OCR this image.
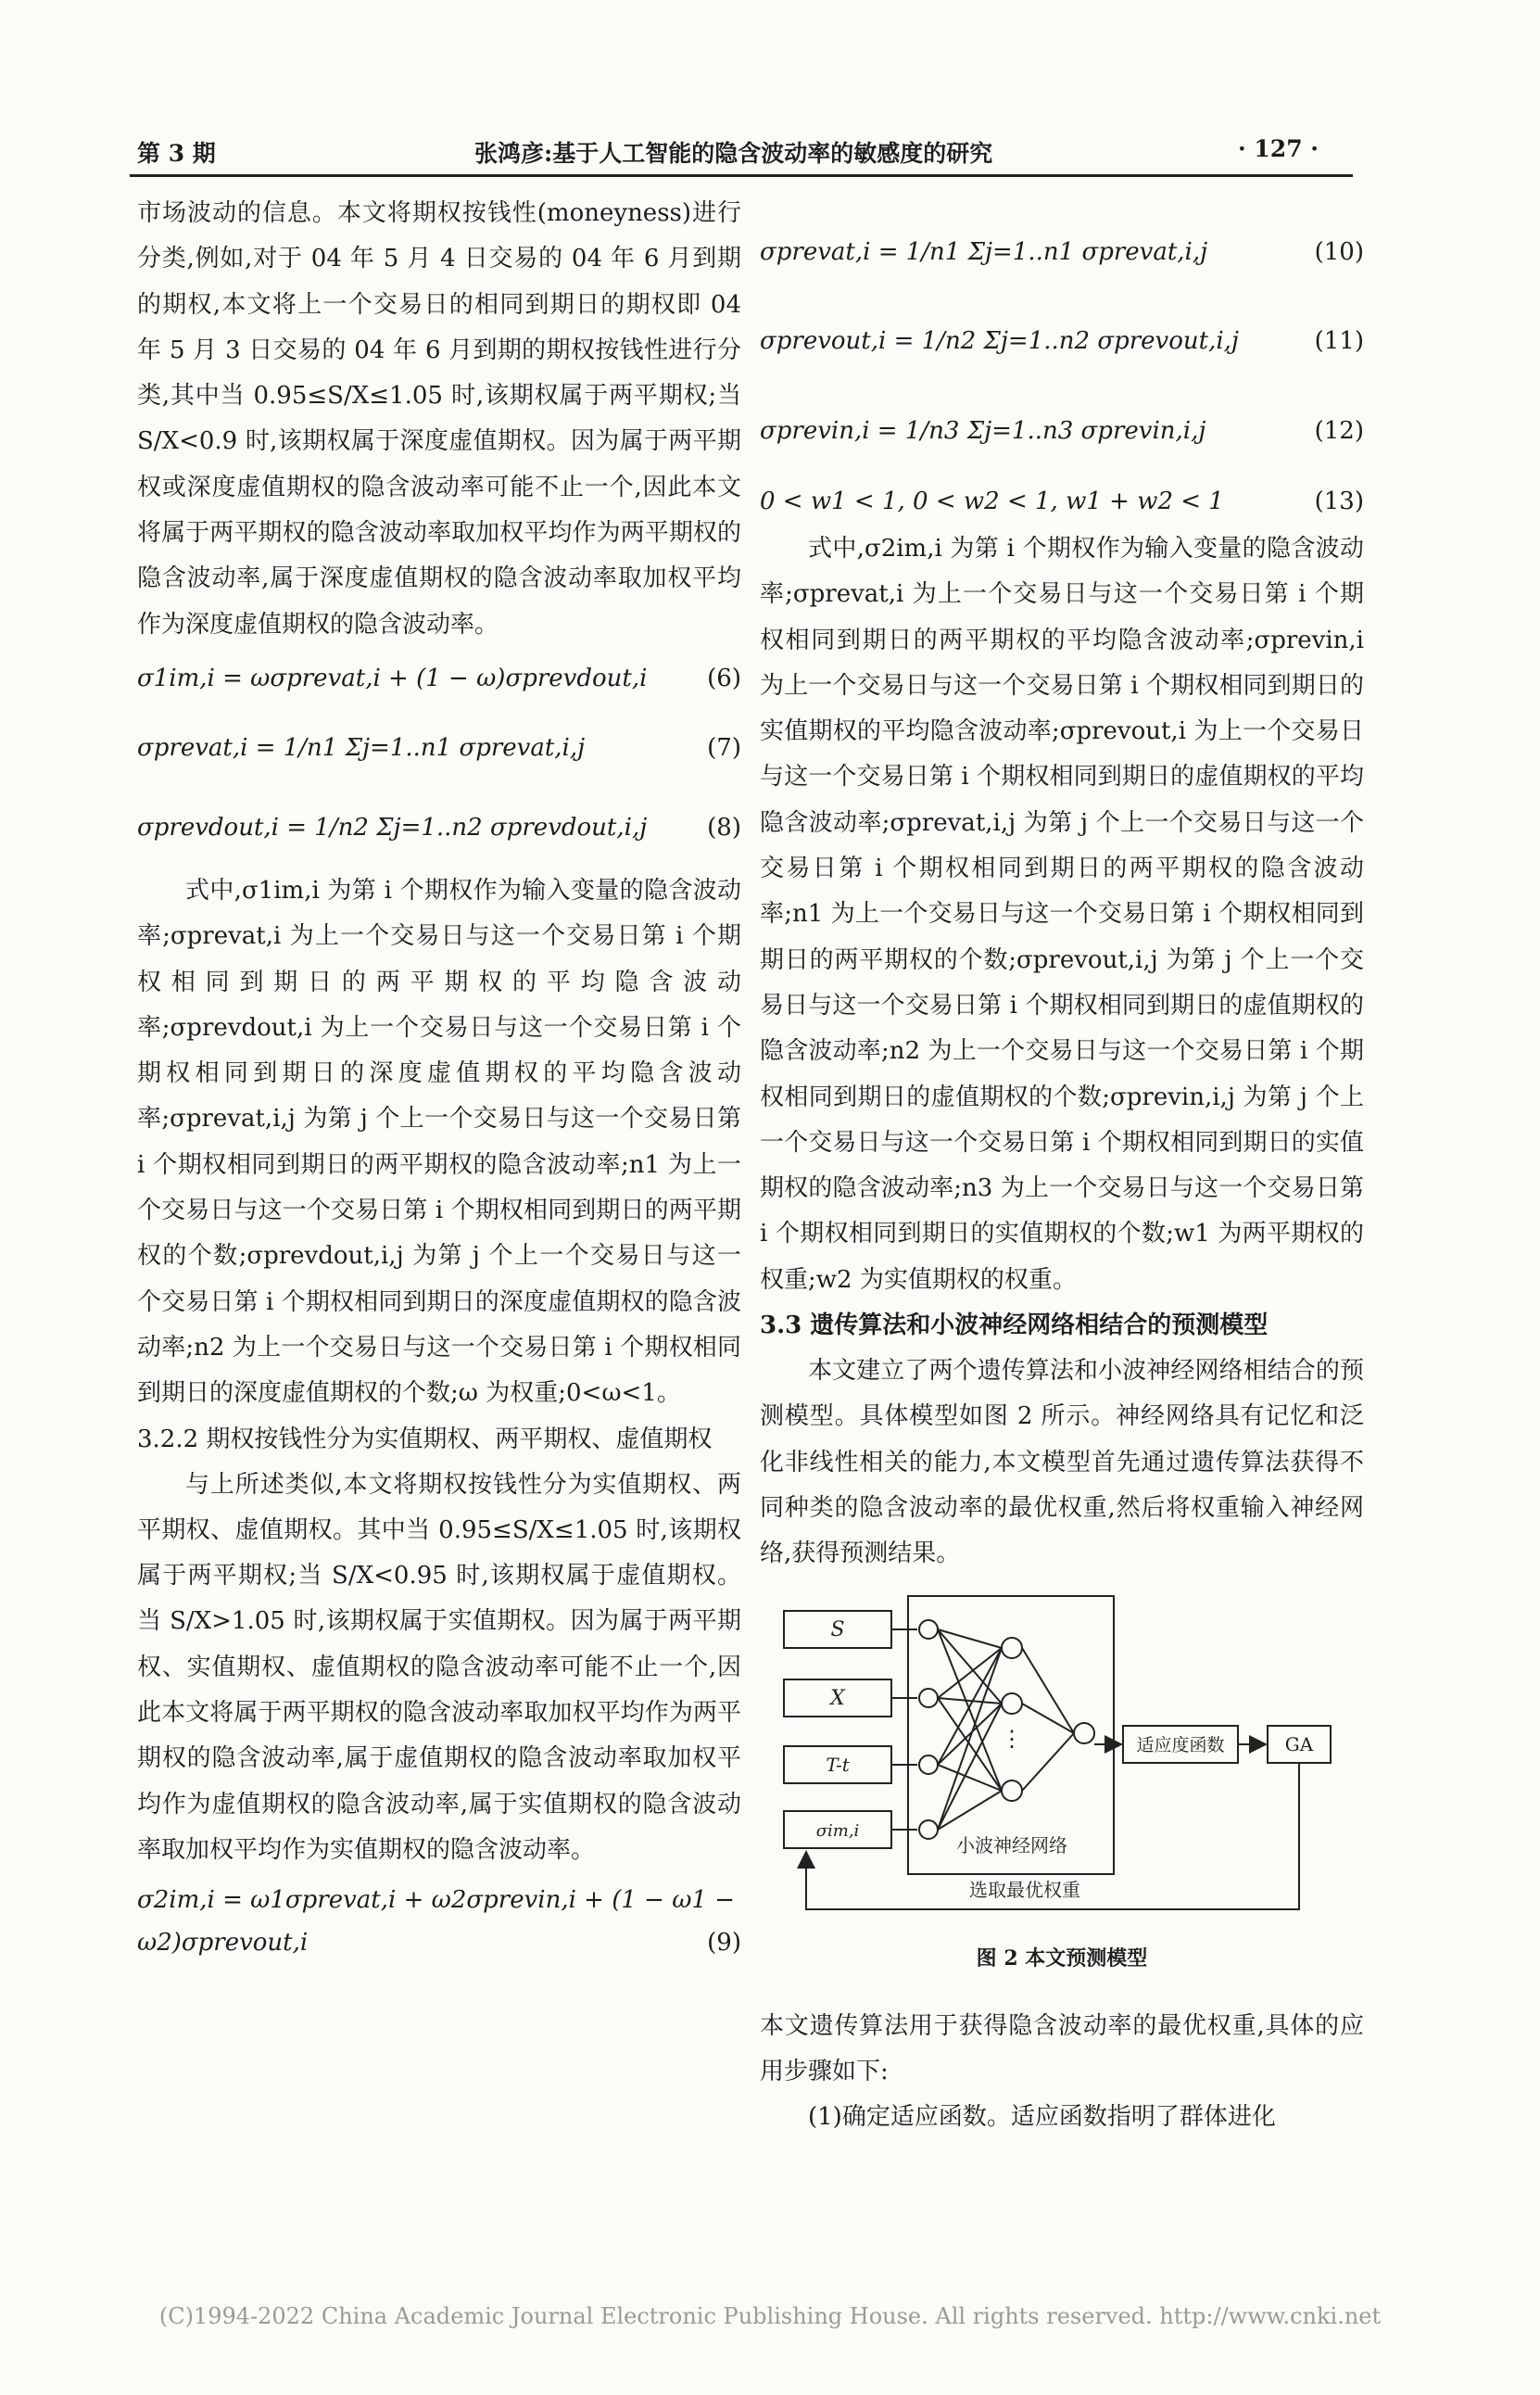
第 3 期	张鸿彦:基于人工智能的隐含波动率的敏感度的研究	· 127 ·

市场波动的信息。本文将期权按钱性(moneyness)进行分类,例如,对于 04 年 5 月 4 日交易的 04 年 6 月到期的期权,本文将上一个交易日的相同到期日的期权即 04 年 5 月 3 日交易的 04 年 6 月到期的期权按钱性进行分类,其中当 0.95≤S/X≤1.05 时,该期权属于两平期权;当 S/X<0.9 时,该期权属于深度虚值期权。因为属于两平期权或深度虚值期权的隐含波动率可能不止一个,因此本文将属于两平期权的隐含波动率取加权平均作为两平期权的隐含波动率,属于深度虚值期权的隐含波动率取加权平均作为深度虚值期权的隐含波动率。

σ1im,i = ωσprevat,i + (1 − ω)σprevdout,i (6)
σprevat,i = 1/n1 Σj=1..n1 σprevat,i,j	(7)
σprevdout,i = 1/n2 Σj=1..n2 σprevdout,i,j (8)

式中,σ1im,i 为第 i 个期权作为输入变量的隐含波动率;σprevat,i 为上一个交易日与这一个交易日第 i 个期权相同到期日的两平期权的平均隐含波动率;σprevdout,i 为上一个交易日与这一个交易日第 i 个期权相同到期日的深度虚值期权的平均隐含波动率;σprevat,i,j 为第 j 个上一个交易日与这一个交易日第 i 个期权相同到期日的两平期权的隐含波动率;n1 为上一个交易日与这一个交易日第 i 个期权相同到期日的两平期权的个数;σprevdout,i,j 为第 j 个上一个交易日与这一个交易日第 i 个期权相同到期日的深度虚值期权的隐含波动率;n2 为上一个交易日与这一个交易日第 i 个期权相同到期日的深度虚值期权的个数;ω 为权重;0<ω<1。

3.2.2 期权按钱性分为实值期权、两平期权、虚值期权

与上所述类似,本文将期权按钱性分为实值期权、两平期权、虚值期权。其中当 0.95≤S/X≤1.05 时,该期权属于两平期权;当 S/X<0.95 时,该期权属于虚值期权。当 S/X>1.05 时,该期权属于实值期权。因为属于两平期权、实值期权、虚值期权的隐含波动率可能不止一个,因此本文将属于两平期权的隐含波动率取加权平均作为两平期权的隐含波动率,属于虚值期权的隐含波动率取加权平均作为虚值期权的隐含波动率,属于实值期权的隐含波动率取加权平均作为实值期权的隐含波动率。

σ2im,i = ω1σprevat,i + ω2σprevin,i + (1 − ω1 −
ω2)σprevout,i	(9)
σprevat,i = 1/n1 Σj=1..n1 σprevat,i,j	(10)
σprevout,i = 1/n2 Σj=1..n2 σprevout,i,j	(11)
σprevin,i = 1/n3 Σj=1..n3 σprevin,i,j	(12)
0 < w1 < 1, 0 < w2 < 1, w1 + w2 < 1	(13)

式中,σ2im,i 为第 i 个期权作为输入变量的隐含波动率;σprevat,i 为上一个交易日与这一个交易日第 i 个期权相同到期日的两平期权的平均隐含波动率;σprevin,i 为上一个交易日与这一个交易日第 i 个期权相同到期日的实值期权的平均隐含波动率;σprevout,i 为上一个交易日与这一个交易日第 i 个期权相同到期日的虚值期权的平均隐含波动率;σprevat,i,j 为第 j 个上一个交易日与这一个交易日第 i 个期权相同到期日的两平期权的隐含波动率;n1 为上一个交易日与这一个交易日第 i 个期权相同到期日的两平期权的个数;σprevout,i,j 为第 j 个上一个交易日与这一个交易日第 i 个期权相同到期日的虚值期权的隐含波动率;n2 为上一个交易日与这一个交易日第 i 个期权相同到期日的虚值期权的个数;σprevin,i,j 为第 j 个上一个交易日与这一个交易日第 i 个期权相同到期日的实值期权的隐含波动率;n3 为上一个交易日与这一个交易日第 i 个期权相同到期日的实值期权的个数;w1 为两平期权的权重;w2 为实值期权的权重。

3.3 遗传算法和小波神经网络相结合的预测模型

本文建立了两个遗传算法和小波神经网络相结合的预测模型。具体模型如图 2 所示。神经网络具有记忆和泛化非线性相关的能力,本文模型首先通过遗传算法获得不同种类的隐含波动率的最优权重,然后将权重输入神经网络,获得预测结果。

S
X
T-t
σim,i
⋮
小波神经网络
适应度函数	GA
选取最优权重
图 2 本文预测模型

本文遗传算法用于获得隐含波动率的最优权重,具体的应用步骤如下:

(1)确定适应函数。适应函数指明了群体进化

(C)1994-2022 China Academic Journal Electronic Publishing House. All rights reserved. http://www.cnki.net
